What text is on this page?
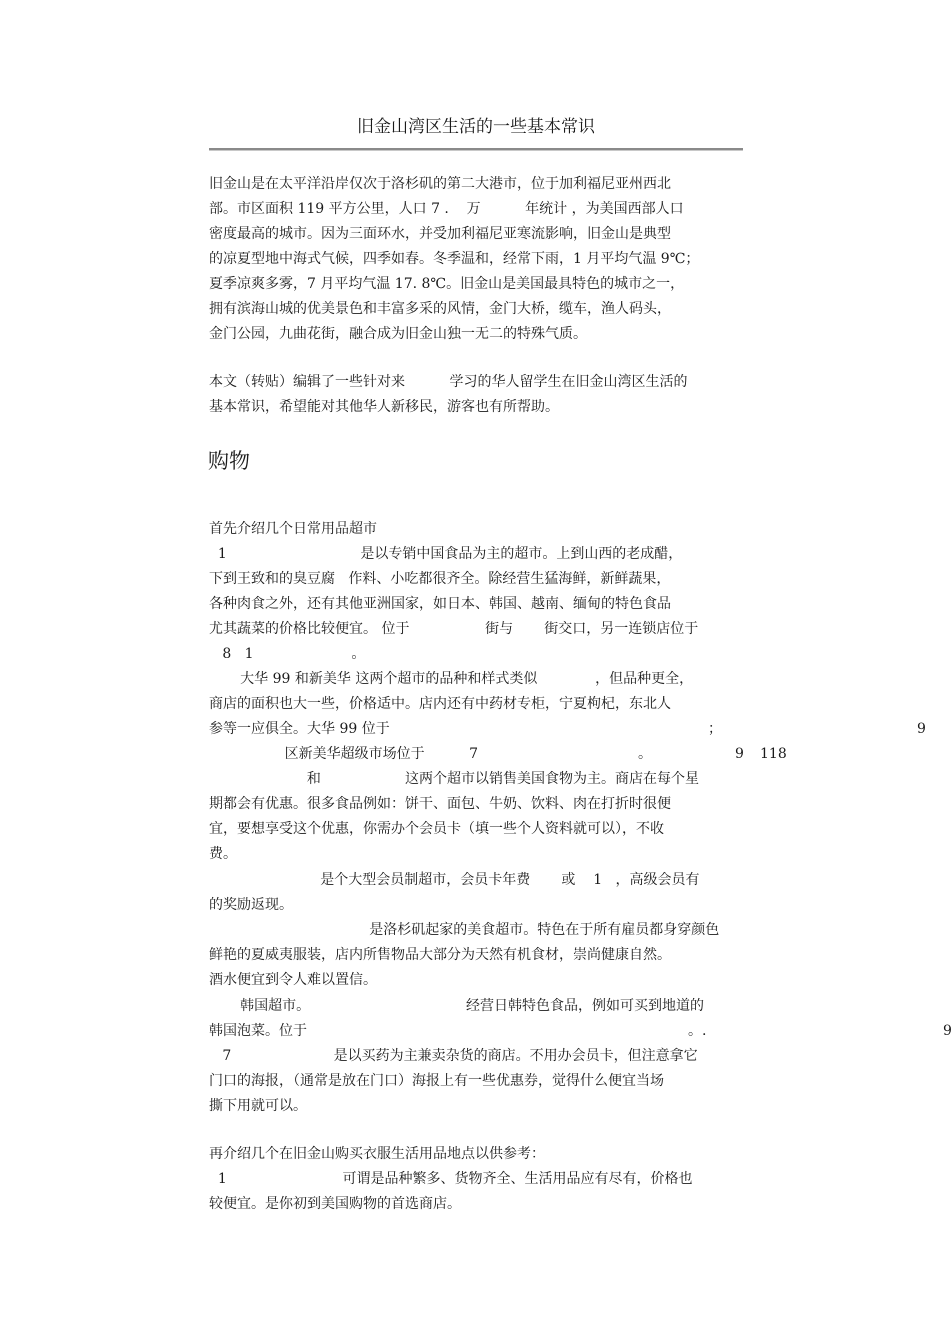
旧金山湾区生活的一些基本常识
旧金山是在太平洋沿岸仅次于洛杉矶的第二大港市，位于加利福尼亚州西北
部。市区面积 119 平方公里，人口 7 .    万          年统计 ，为美国西部人口
密度最高的城市。因为三面环水，并受加利福尼亚寒流影响，旧金山是典型
的凉夏型地中海式气候，四季如春。冬季温和，经常下雨，1 月平均气温 9℃；
夏季凉爽多雾，7 月平均气温 17. 8℃。旧金山是美国最具特色的城市之一，
拥有滨海山城的优美景色和丰富多采的风情，金门大桥，缆车，渔人码头，
金门公园，九曲花街，融合成为旧金山独一无二的特殊气质。
本文（转贴）编辑了一些针对来          学习的华人留学生在旧金山湾区生活的
基本常识，希望能对其他华人新移民，游客也有所帮助。
购物
首先介绍几个日常用品超市
1                              是以专销中国食品为主的超市。上到山西的老成醋，
下到王致和的臭豆腐   作料、小吃都很齐全。除经营生猛海鲜，新鲜蔬果，
各种肉食之外，还有其他亚洲国家，如日本、韩国、越南、缅甸的特色食品
尤其蔬菜的价格比较便宜。 位于                 街与       街交口，另一连锁店位于
8   1                      。
大华 99 和新美华 这两个超市的品种和样式类似             ，但品种更全，
商店的面积也大一些，价格适中。店内还有中药材专柜，宁夏枸杞，东北人
参等一应俱全。大华 99 位于	；	9
区新美华超级市场位于          7	。	9 118
和	这两个超市以销售美国食物为主。商店在每个星
期都会有优惠。很多食品例如：饼干、面包、牛奶、饮料、肉在打折时很便
宜，要想享受这个优惠，你需办个会员卡（填一些个人资料就可以），不收
费。
是个大型会员制超市，会员卡年费       或    1   ，高级会员有
的奖励返现。
是洛杉矶起家的美食超市。特色在于所有雇员都身穿颜色
鲜艳的夏威夷服装，店内所售物品大部分为天然有机食材，崇尚健康自然。
酒水便宜到令人难以置信。
韩国超市。	经营日韩特色食品，例如可买到地道的
韩国泡菜。位于	。.	9
7                       是以买药为主兼卖杂货的商店。不用办会员卡，但注意拿它
门口的海报，（通常是放在门口）海报上有一些优惠券，觉得什么便宜当场
撕下用就可以。
再介绍几个在旧金山购买衣服生活用品地点以供参考：
1                          可谓是品种繁多、货物齐全、生活用品应有尽有，价格也
较便宜。是你初到美国购物的首选商店。
